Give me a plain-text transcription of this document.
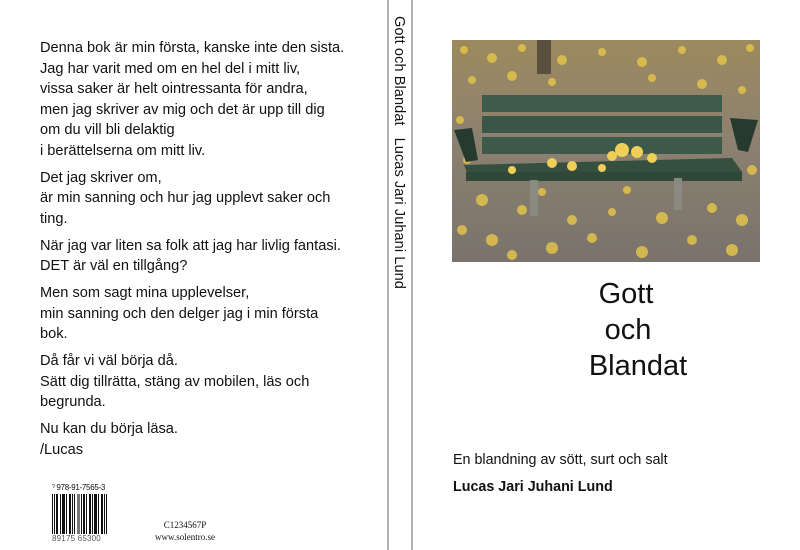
Denna bok är min första, kanske inte den sista.
Jag har varit med om en hel del i mitt liv,
vissa saker är helt ointressanta för andra,
men jag skriver av mig och det är upp till dig
om du vill bli delaktig
i berättelserna om mitt liv.

Det jag skriver om,
är min sanning och hur jag upplevt saker och
ting.

När jag var liten sa folk att jag har livlig fantasi.
DET är väl en tillgång?

Men som sagt mina upplevelser,
min sanning och den delger jag i min första
bok.

Då får vi väl börja då.
Sätt dig tillrätta, stäng av mobilen, läs och
begrunda.

Nu kan du börja läsa.
/Lucas

ˀ 978-91-7565-3
89175 65300
C1234567P
www.solentro.se
Gott och BlandatLucas Jari Juhani Lund
Gott
och
Blandat
En blandning av sött, surt och salt
Lucas Jari Juhani Lund
